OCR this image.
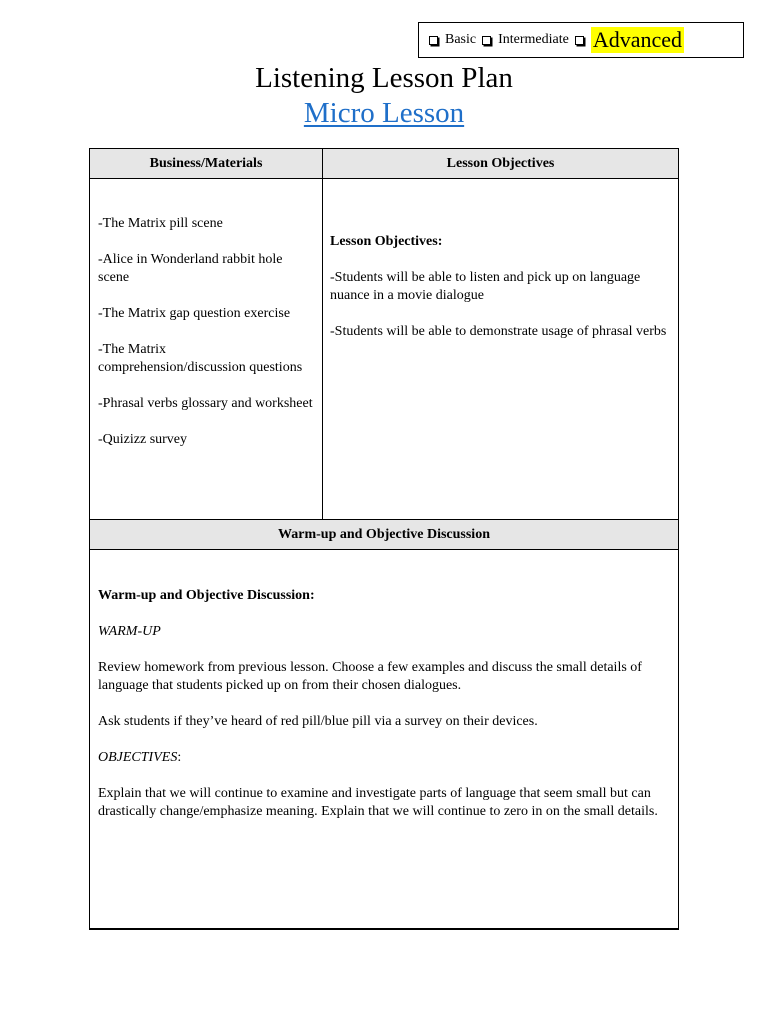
Basic Intermediate Advanced
Listening Lesson Plan
Micro Lesson
Business/Materials	Lesson Objectives

-The Matrix pill scene

-Alice in Wonderland rabbit hole scene

-The Matrix gap question exercise

-The Matrix comprehension/discussion questions

-Phrasal verbs glossary and worksheet

-Quizizz survey

Lesson Objectives:

-Students will be able to listen and pick up on language nuance in a movie dialogue

-Students will be able to demonstrate usage of phrasal verbs

Warm-up and Objective Discussion

Warm-up and Objective Discussion:

WARM-UP

Review homework from previous lesson. Choose a few examples and discuss the small details of language that students picked up on from their chosen dialogues.

Ask students if they’ve heard of red pill/blue pill via a survey on their devices.

OBJECTIVES:

Explain that we will continue to examine and investigate parts of language that seem small but can drastically change/emphasize meaning. Explain that we will continue to zero in on the small details.
